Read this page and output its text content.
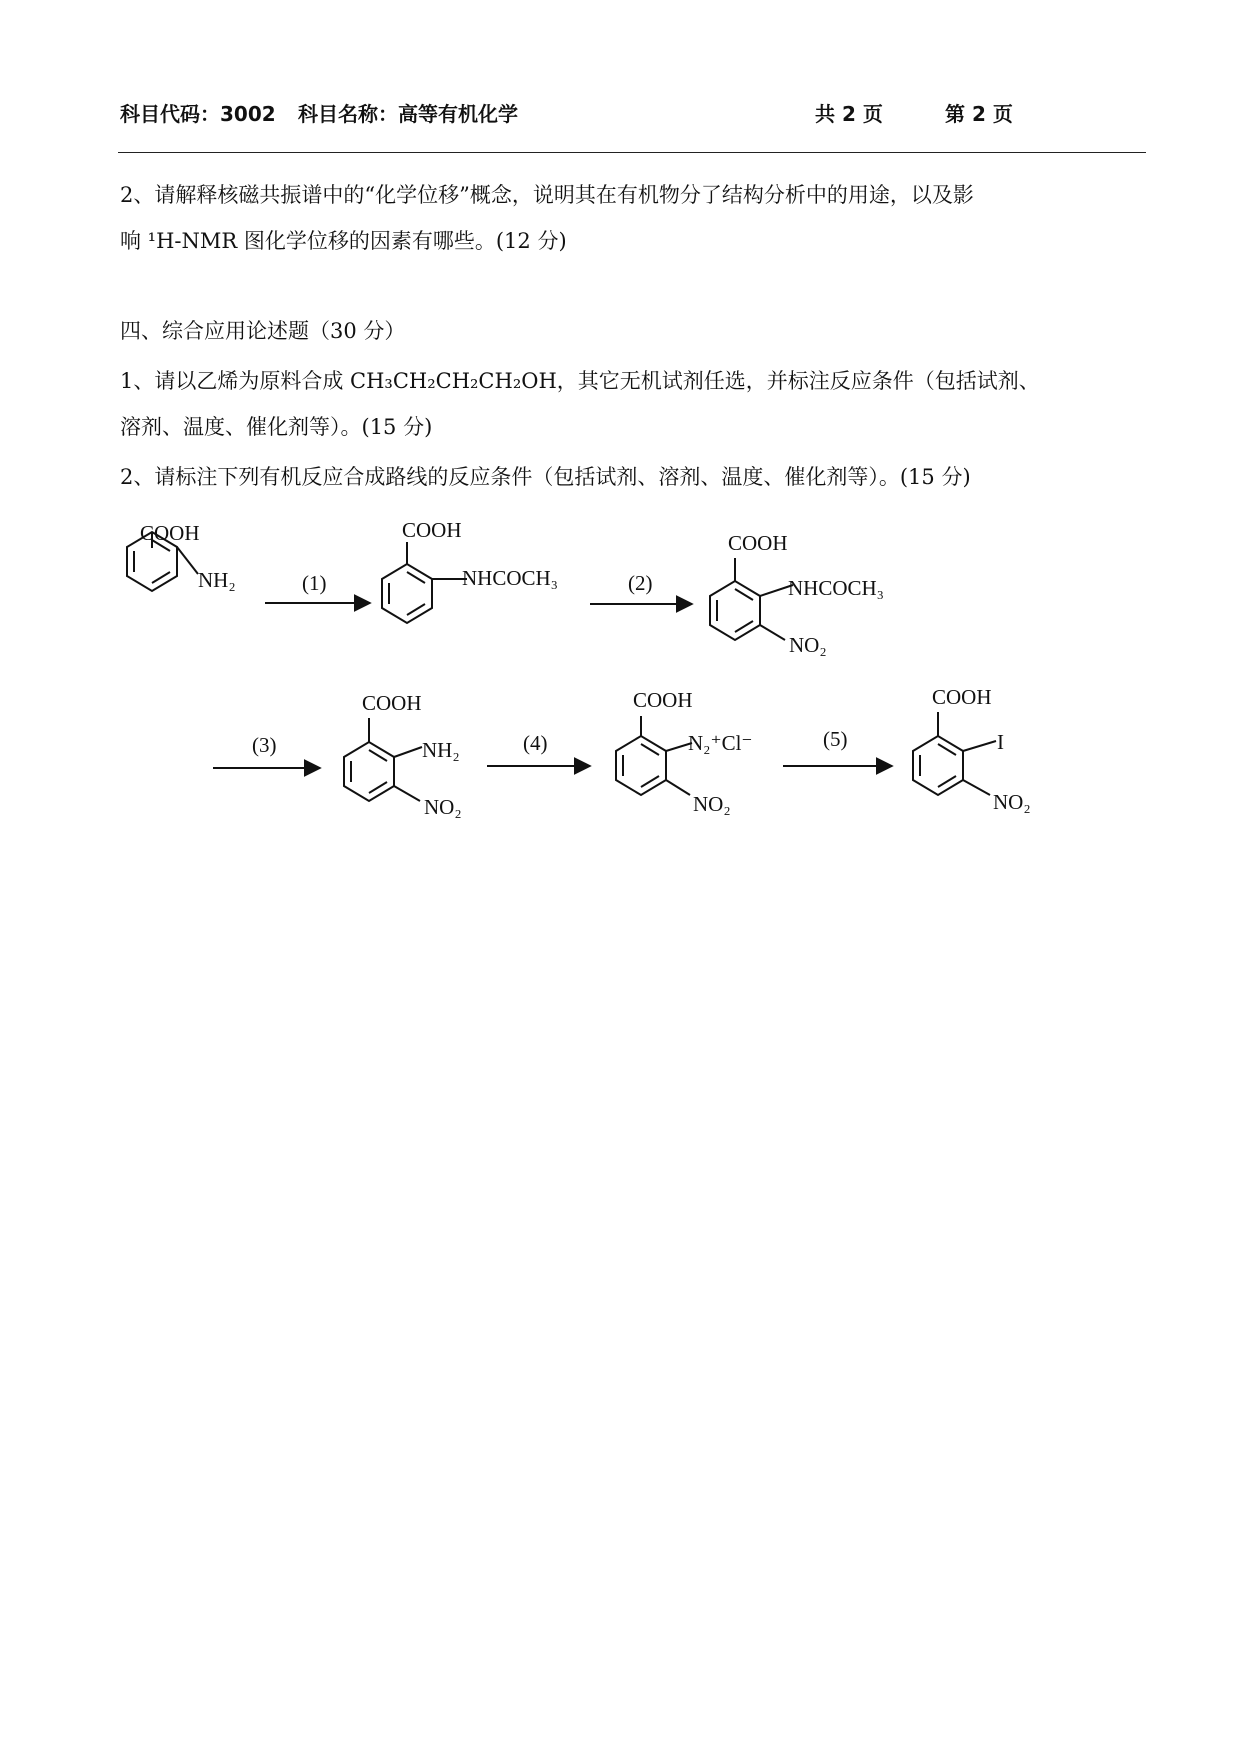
科目代码：3002 科目名称：高等有机化学	共 2 页	第 2 页
2、请解释核磁共振谱中的“化学位移”概念，说明其在有机物分了结构分析中的用途，以及影
响 ¹H-NMR 图化学位移的因素有哪些。(12 分)
四、综合应用论述题（30 分）
1、请以乙烯为原料合成 CH₃CH₂CH₂CH₂OH，其它无机试剂任选，并标注反应条件（包括试剂、
溶剂、温度、催化剂等）。(15 分)
2、请标注下列有机反应合成路线的反应条件（包括试剂、溶剂、温度、催化剂等）。(15 分)
COOH
NH₂	(1)
COOH
NHCOCH₃	(2)
COOH
NHCOCH₃
NO₂
(3)
COOH
NH₂
NO₂
(4)
COOH
N₂⁺Cl⁻
NO₂
(5)
COOH
I
NO₂
